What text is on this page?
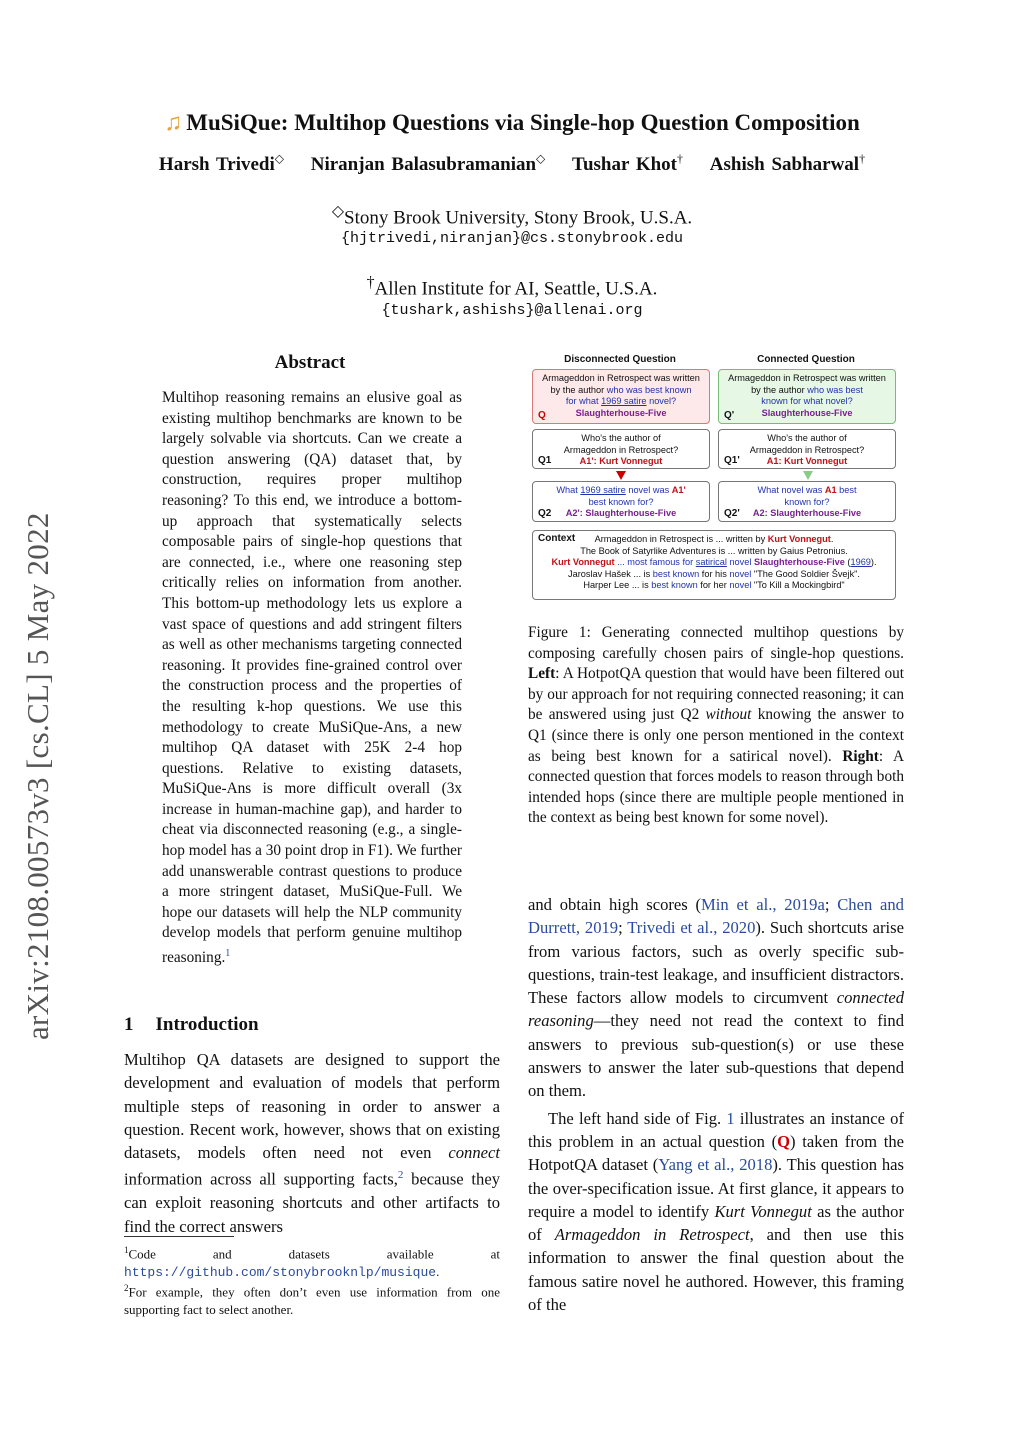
♫ MuSiQue: Multihop Questions via Single-hop Question Composition
Harsh Trivedi◇ Niranjan Balasubramanian◇ Tushar Khot† Ashish Sabharwal†
◇Stony Brook University, Stony Brook, U.S.A.
{hjtrivedi,niranjan}@cs.stonybrook.edu
†Allen Institute for AI, Seattle, U.S.A.
{tushark,ashishs}@allenai.org
arXiv:2108.00573v3 [cs.CL] 5 May 2022
Abstract
Multihop reasoning remains an elusive goal as existing multihop benchmarks are known to be largely solvable via shortcuts. Can we create a question answering (QA) dataset that, by construction, requires proper multihop reasoning? To this end, we introduce a bottom-up approach that systematically selects composable pairs of single-hop questions that are connected, i.e., where one reasoning step critically relies on information from another. This bottom-up methodology lets us explore a vast space of questions and add stringent filters as well as other mechanisms targeting connected reasoning. It provides fine-grained control over the construction process and the properties of the resulting k-hop questions. We use this methodology to create MuSiQue-Ans, a new multihop QA dataset with 25K 2-4 hop questions. Relative to existing datasets, MuSiQue-Ans is more difficult overall (3x increase in human-machine gap), and harder to cheat via disconnected reasoning (e.g., a single-hop model has a 30 point drop in F1). We further add unanswerable contrast questions to produce a more stringent dataset, MuSiQue-Full. We hope our datasets will help the NLP community develop models that perform genuine multihop reasoning.$^1$
1 Introduction
Multihop QA datasets are designed to support the development and evaluation of models that perform multiple steps of reasoning in order to answer a question. Recent work, however, shows that on existing datasets, models often need not even connect information across all supporting facts,$^2$ because they can exploit reasoning shortcuts and other artifacts to find the correct answers
$^1$Code and datasets available at https://github.com/stonybrooknlp/musique.
$^2$For example, they often don’t even use information from one supporting fact to select another.
Disconnected Question	Connected Question
Armageddon in Retrospect was written
by the author who was best known
for what 1969 satire novel?
Slaughterhouse-Five
Q
Armageddon in Retrospect was written
by the author who was best
known for what novel?
Slaughterhouse-Five
Q'
Who's the author of
Armageddon in Retrospect?
A1': Kurt Vonnegut
Q1
Who's the author of
Armageddon in Retrospect?
A1: Kurt Vonnegut
Q1'
What 1969 satire novel was A1'
best known for?
A2': Slaughterhouse-Five
Q2
What novel was A1 best
known for?
A2: Slaughterhouse-Five
Q2'
Context	Armageddon in Retrospect is ... written by Kurt Vonnegut.
The Book of Satyrlike Adventures is ... written by Gaius Petronius.
Kurt Vonnegut ... most famous for satirical novel Slaughterhouse-Five (1969).
Jaroslav Hašek ... is best known for his novel "The Good Soldier Švejk".
Harper Lee ... is best known for her novel "To Kill a Mockingbird"
Figure 1: Generating connected multihop questions by composing carefully chosen pairs of single-hop questions. Left: A HotpotQA question that would have been filtered out by our approach for not requiring connected reasoning; it can be answered using just Q2 without knowing the answer to Q1 (since there is only one person mentioned in the context as being best known for a satirical novel). Right: A connected question that forces models to reason through both intended hops (since there are multiple people mentioned in the context as being best known for some novel).

and obtain high scores (Min et al., 2019a; Chen and Durrett, 2019; Trivedi et al., 2020). Such shortcuts arise from various factors, such as overly specific sub-questions, train-test leakage, and insufficient distractors. These factors allow models to circumvent connected reasoning—they need not read the context to find answers to previous sub-question(s) or use these answers to answer the later sub-questions that depend on them.

The left hand side of Fig. 1 illustrates an instance of this problem in an actual question (Q) taken from the HotpotQA dataset (Yang et al., 2018). This question has the over-specification issue. At first glance, it appears to require a model to identify Kurt Vonnegut as the author of Armageddon in Retrospect, and then use this information to answer the final question about the famous satire novel he authored. However, this framing of the
